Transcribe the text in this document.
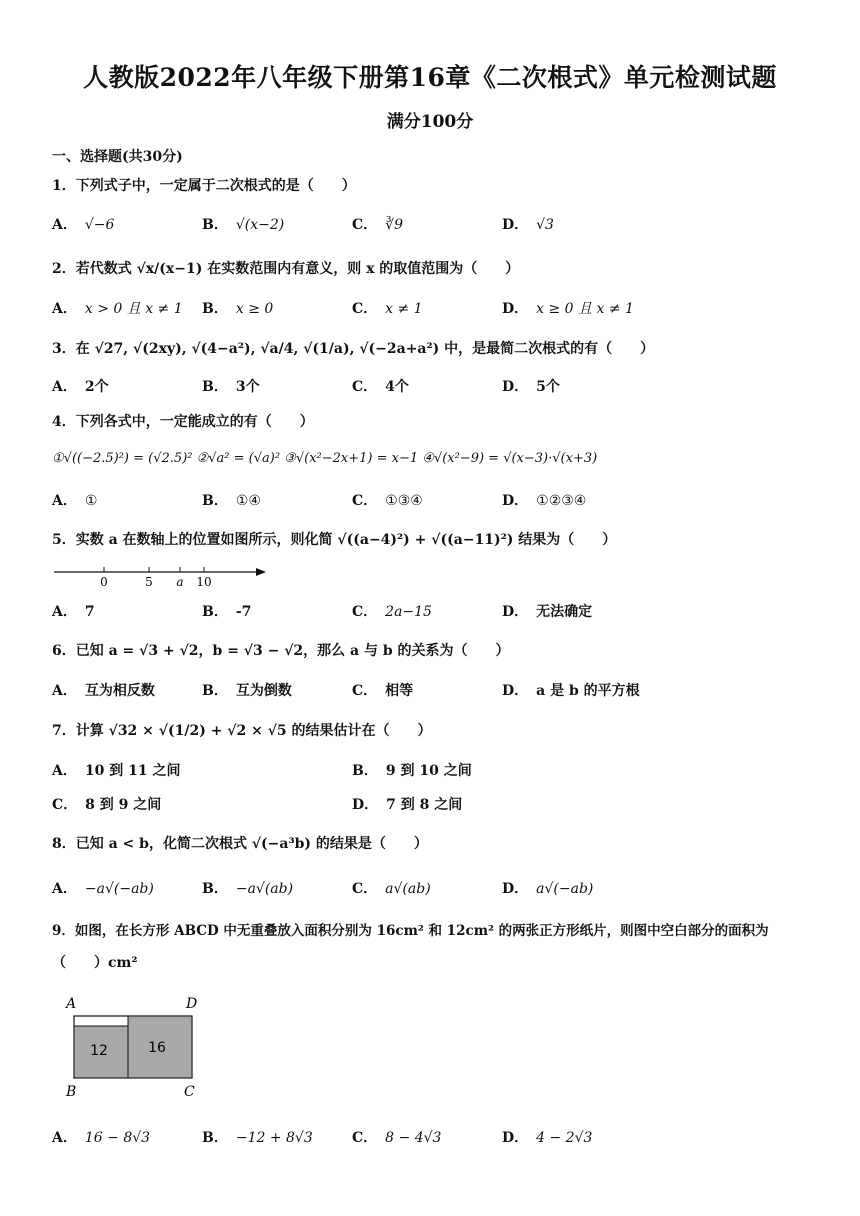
人教版2022年八年级下册第16章《二次根式》单元检测试题
满分100分
一、选择题(共30分)
1．下列式子中，一定属于二次根式的是（　　）
A． √−6	B． √(x−2)	C． ∛9	D． √3
2．若代数式 √x/(x−1) 在实数范围内有意义，则 x 的取值范围为（　　）
A． x > 0 且 x ≠ 1 B． x ≥ 0	C． x ≠ 1	D． x ≥ 0 且 x ≠ 1
3．在 √27, √(2xy), √(4−a²), √a/4, √(1/a), √(−2a+a²) 中，是最简二次根式的有（　　）
A． 2个	B． 3个	C． 4个	D． 5个
4．下列各式中，一定能成立的有（　　）
①√((−2.5)²) = (√2.5)² ②√a² = (√a)² ③√(x²−2x+1) = x−1 ④√(x²−9) = √(x−3)·√(x+3)
A． ①	B． ①④	C． ①③④	D． ①②③④
5．实数 a 在数轴上的位置如图所示，则化简 √((a−4)²) + √((a−11)²) 结果为（　　）
0	5 a 10
A． 7	B． -7	C． 2a−15	D． 无法确定
6．已知 a = √3 + √2，b = √3 − √2，那么 a 与 b 的关系为（　　）
A． 互为相反数	B． 互为倒数	C． 相等	D． a 是 b 的平方根
7．计算 √32 × √(1/2) + √2 × √5 的结果估计在（　　）
A． 10 到 11 之间	B． 9 到 10 之间
C． 8 到 9 之间	D． 7 到 8 之间
8．已知 a < b，化简二次根式 √(−a³b) 的结果是（　　）
A． −a√(−ab)	B． −a√(ab)	C． a√(ab)	D． a√(−ab)
9．如图，在长方形 ABCD 中无重叠放入面积分别为 16cm² 和 12cm² 的两张正方形纸片，则图中空白部分的面积为
（　　）cm²
A	D
B	C
12	16
A． 16 − 8√3	B． −12 + 8√3	C． 8 − 4√3	D． 4 − 2√3
